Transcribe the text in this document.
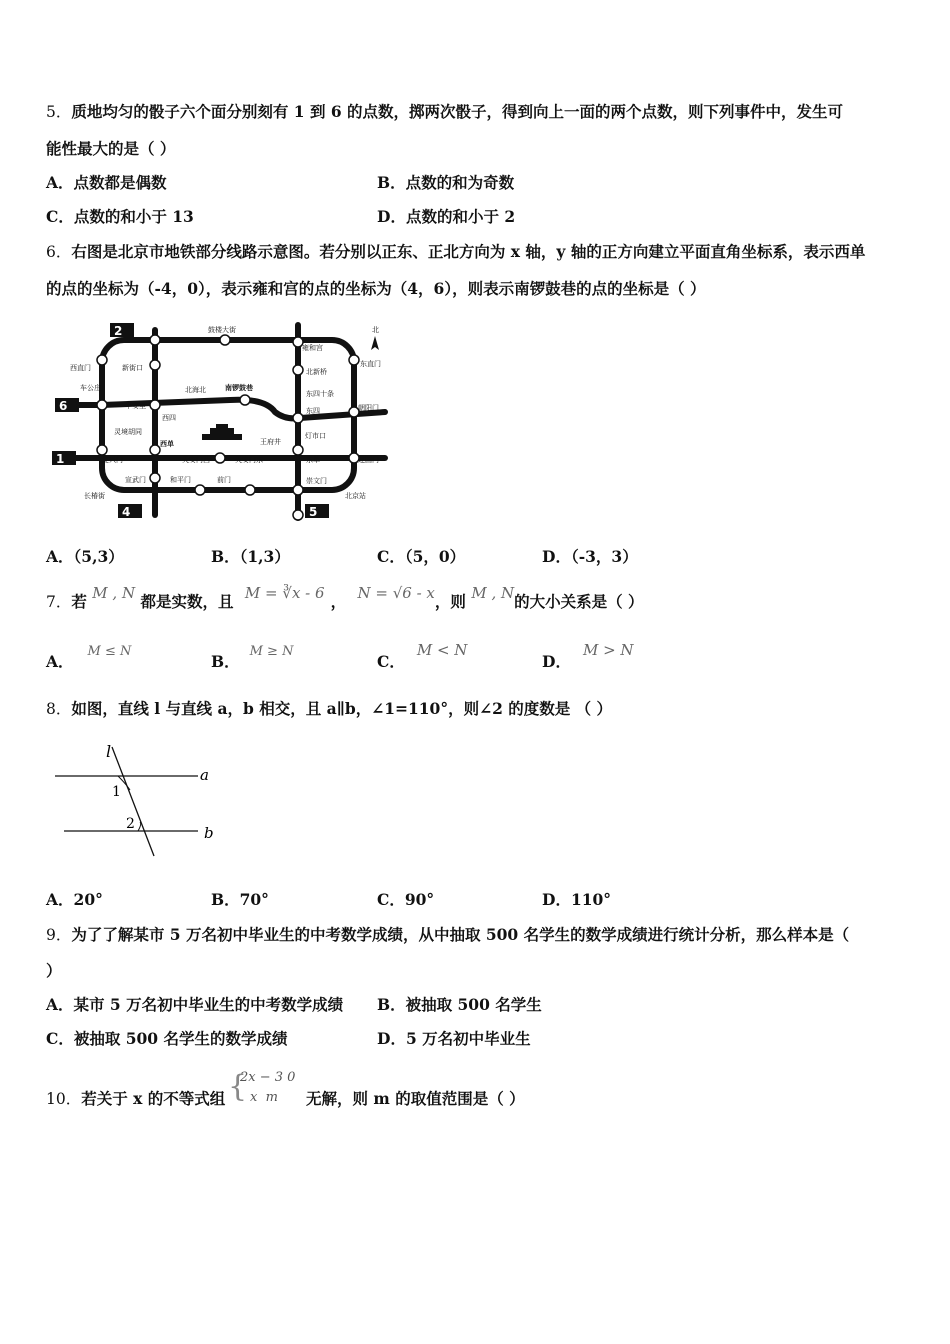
5．质地均匀的骰子六个面分别刻有 1 到 6 的点数，掷两次骰子，得到向上一面的两个点数，则下列事件中，发生可
能性最大的是（ ）
A．点数都是偶数	B．点数的和为奇数
C．点数的和小于 13	D．点数的和小于 2
6．右图是北京市地铁部分线路示意图。若分别以正东、正北方向为 x 轴，y 轴的正方向建立平面直角坐标系，表示西单
的点的坐标为（-4，0），表示雍和宫的点的坐标为（4，6），则表示南锣鼓巷的点的坐标是（ ）
2
6
1
4	5
北
鼓楼大街
雍和宫
东直门
西直门	新街口	北新桥
车公庄	北海北	南锣鼓巷
东四十条
平安里
西四
东四	朝阳门
灵境胡同
西单	王府井
灯市口
复兴门	天安门西	天安门东	东单	建国门
宣武门	和平门	前门	崇文门
长椿街	北京站
A．（5,3）	B．（1,3）	C．（5，0）	D．（-3，3）
7．若 M , N 都是实数，且 M = ∛x - 6 ， N = √6 - x，则 M , N的大小关系是（ ）
A．$^{M \le N}$
B．$^{M \ge N}$
C．M < N
D．M > N
8．如图，直线 l 与直线 a，b 相交，且 a∥b，∠1=110°，则∠2 的度数是 （ ）
l
a
b
1
2
A．20°	B．70°	C．90°	D．110°
9．为了了解某市 5 万名初中毕业生的中考数学成绩，从中抽取 500 名学生的数学成绩进行统计分析，那么样本是（
）
A．某市 5 万名初中毕业生的中考数学成绩 B．被抽取 500 名学生
C．被抽取 500 名学生的数学成绩	D．5 万名初中毕业生
10．若关于 x 的不等式组 {
2x − 3 0
x  m 无解，则 m 的取值范围是（ ）
